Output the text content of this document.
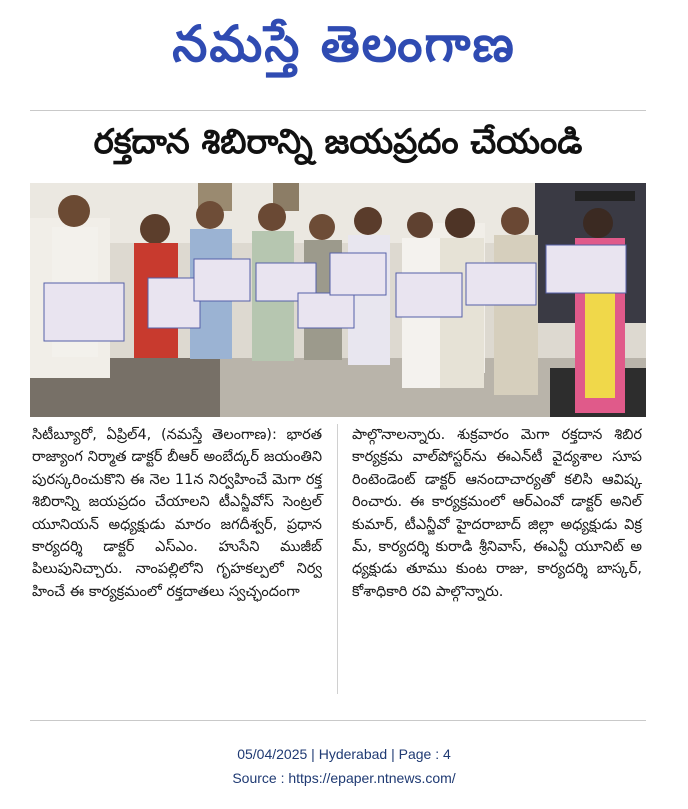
నమస్తే తెలంగాణ
రక్తదాన శిబిరాన్ని జయప్రదం చేయండి
సిటీబ్యూరో, ఏప్రిల్4, (నమస్తే తెలంగాణ): భారత రాజ్యాంగ నిర్మాత డాక్టర్ బీఆర్ అంబేద్కర్ జయంతిని పురస్కరించుకొని ఈ నెల 11న నిర్వహించే మెగా రక్త శిబిరాన్ని జయప్రదం చేయాలని టీఎన్జీవోస్ సెంట్రల్ యూనియన్ అధ్యక్షుడు మారం జగదీశ్వర్, ప్రధాన కార్యదర్శి డాక్టర్ ఎస్ఎం. హుసేని ముజీబ్ పిలుపునిచ్చారు. నాంపల్లిలోని గృహకల్పలో నిర్వహించే ఈ కార్యక్రమంలో రక్తదాతలు స్వచ్ఛందంగా
పాల్గొనాలన్నారు. శుక్రవారం మెగా రక్తదాన శిబిర కార్యక్రమ వాల్‌పోస్టర్‌ను ఈఎన్‌టీ వైద్యశాల సూపరింటెండెంట్ డాక్టర్ ఆనందాచార్యతో కలిసి ఆవిష్కరించారు. ఈ కార్యక్రమంలో ఆర్ఎంవో డాక్టర్ అనిల్ కుమార్, టీఎన్జీవో హైదరాబాద్ జిల్లా అధ్యక్షుడు విక్రమ్, కార్యదర్శి కురాడి శ్రీనివాస్, ఈఎన్టీ యూనిట్ అధ్యక్షుడు తూము కుంట రాజు, కార్యదర్శి బాస్కర్, కోశాధికారి రవి పాల్గొన్నారు.
05/04/2025 | Hyderabad | Page : 4
Source : https://epaper.ntnews.com/
